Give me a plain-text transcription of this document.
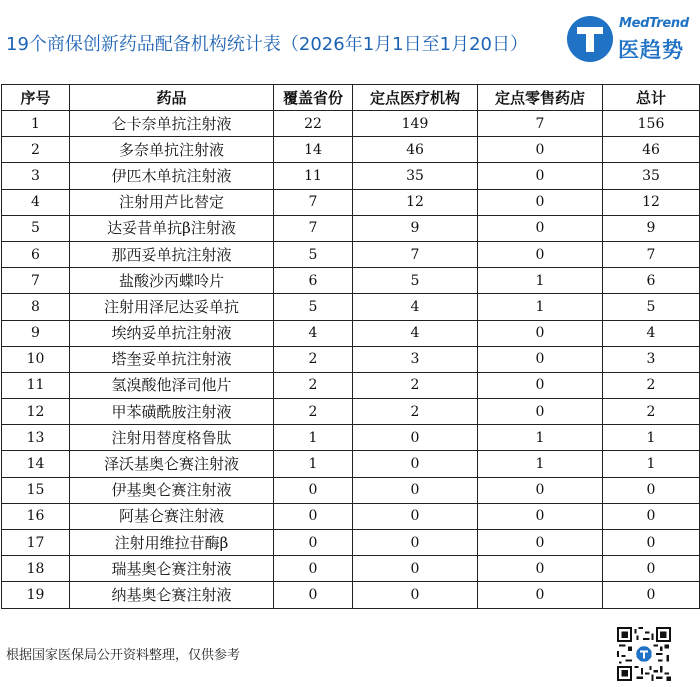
19个商保创新药品配备机构统计表（2026年1月1日至1月20日）
MedTrend
医趋势
序号	药品	覆盖省份	定点医疗机构	定点零售药店	总计
1	仑卡奈单抗注射液	22	149	7	156
2	多奈单抗注射液	14	46	0	46
3	伊匹木单抗注射液	11	35	0	35
4	注射用芦比替定	7	12	0	12
5	达妥昔单抗β注射液	7	9	0	9
6	那西妥单抗注射液	5	7	0	7
7	盐酸沙丙蝶呤片	6	5	1	6
8	注射用泽尼达妥单抗	5	4	1	5
9	埃纳妥单抗注射液	4	4	0	4
10	塔奎妥单抗注射液	2	3	0	3
11	氢溴酸他泽司他片	2	2	0	2
12	甲苯磺酰胺注射液	2	2	0	2
13	注射用替度格鲁肽	1	0	1	1
14	泽沃基奥仑赛注射液	1	0	1	1
15	伊基奥仑赛注射液	0	0	0	0
16	阿基仑赛注射液	0	0	0	0
17	注射用维拉苷酶β	0	0	0	0
18	瑞基奥仑赛注射液	0	0	0	0
19	纳基奥仑赛注射液	0	0	0	0
根据国家医保局公开资料整理，仅供参考
